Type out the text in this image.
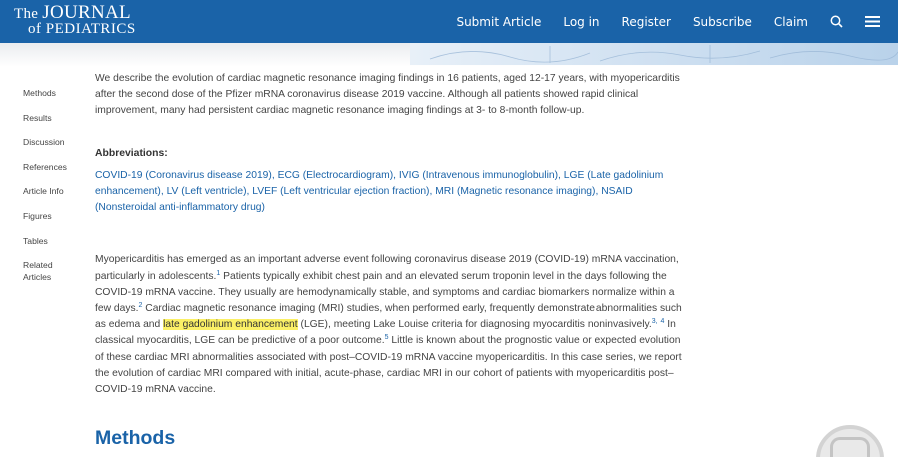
The JOURNAL
of PEDIATRICS	Submit Article Log in Register Subscribe Claim
Methods
Results
Discussion
References
Article Info
Figures
Tables
Related
Articles

We describe the evolution of cardiac magnetic resonance imaging findings in 16 patients, aged 12-17 years, with myopericarditis after the second dose of the Pfizer mRNA coronavirus disease 2019 vaccine. Although all patients showed rapid clinical improvement, many had persistent cardiac magnetic resonance imaging findings at 3- to 8-month follow-up.

Abbreviations:

COVID-19 (Coronavirus disease 2019), ECG (Electrocardiogram), IVIG (Intravenous immunoglobulin), LGE (Late gadolinium enhancement), LV (Left ventricle), LVEF (Left ventricular ejection fraction), MRI (Magnetic resonance imaging), NSAID (Nonsteroidal anti-inflammatory drug)

Myopericarditis has emerged as an important adverse event following coronavirus disease 2019 (COVID-19) mRNA vaccination, particularly in adolescents.$^1$ Patients typically exhibit chest pain and an elevated serum troponin level in the days following the COVID-19 mRNA vaccine. They usually are hemodynamically stable, and symptoms and cardiac biomarkers normalize within a few days.$^2$ Cardiac magnetic resonance imaging (MRI) studies, when performed early, frequently demonstrateabnormalities such as edema and late gadolinium enhancement (LGE), meeting Lake Louise criteria for diagnosing myocarditis noninvasively.$^{3,}$ $^4$ In classical myocarditis, LGE can be predictive of a poor outcome.$^5$ Little is known about the prognostic value or expected evolution of these cardiac MRI abnormalities associated with post–COVID-19 mRNA vaccine myopericarditis. In this case series, we report the evolution of cardiac MRI compared with initial, acute-phase, cardiac MRI in our cohort of patients with myopericarditis post–COVID-19 mRNA vaccine.

Methods
